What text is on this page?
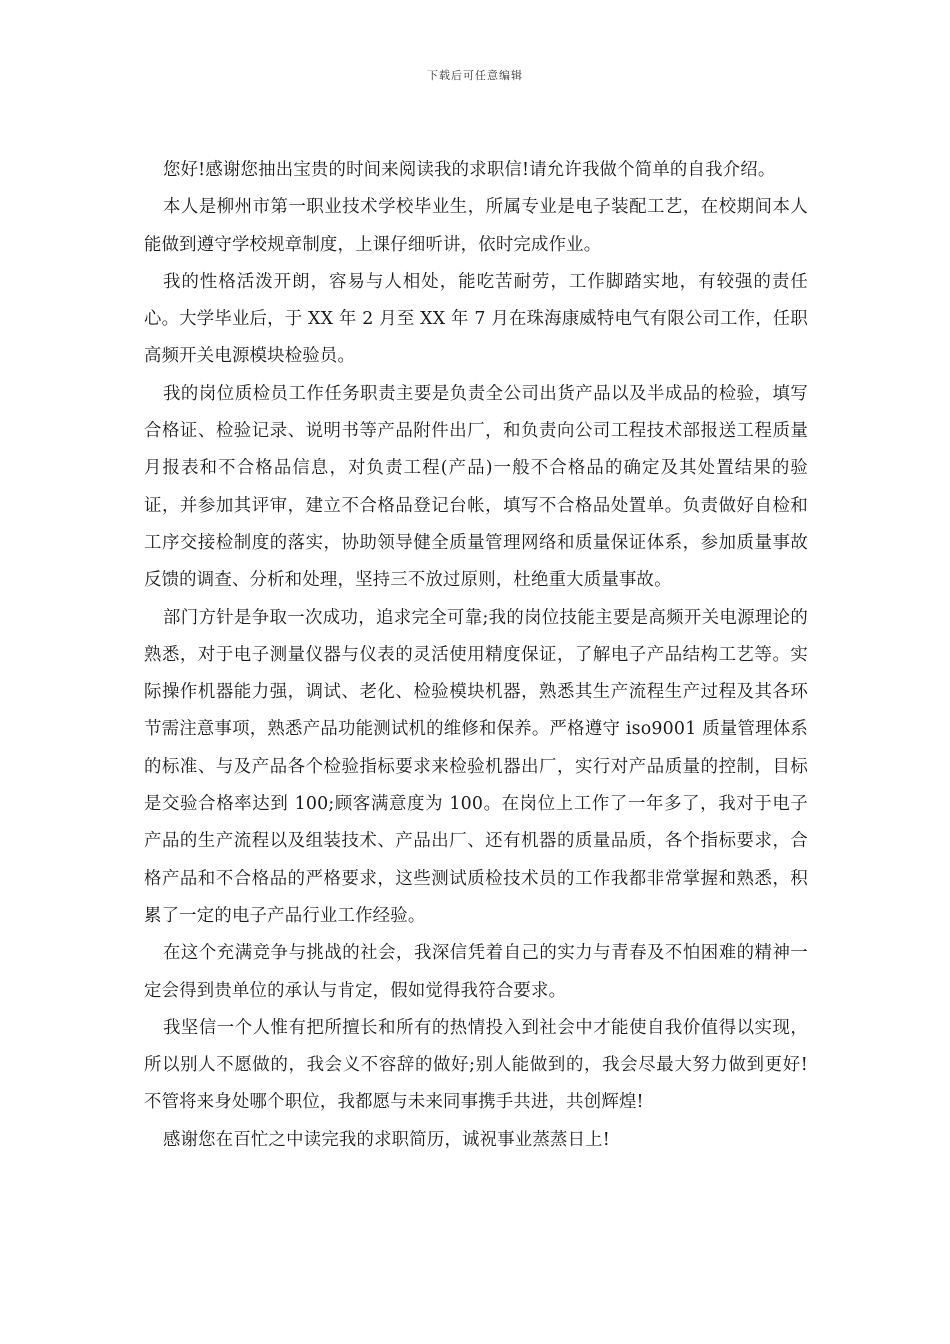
下载后可任意编辑

您好!感谢您抽出宝贵的时间来阅读我的求职信!请允许我做个简单的自我介绍。

本人是柳州市第一职业技术学校毕业生，所属专业是电子装配工艺，在校期间本人能做到遵守学校规章制度，上课仔细听讲，依时完成作业。

我的性格活泼开朗，容易与人相处，能吃苦耐劳，工作脚踏实地，有较强的责任心。大学毕业后，于 XX 年 2 月至 XX 年 7 月在珠海康威特电气有限公司工作，任职高频开关电源模块检验员。

我的岗位质检员工作任务职责主要是负责全公司出货产品以及半成品的检验，填写合格证、检验记录、说明书等产品附件出厂，和负责向公司工程技术部报送工程质量月报表和不合格品信息，对负责工程(产品)一般不合格品的确定及其处置结果的验证，并参加其评审，建立不合格品登记台帐，填写不合格品处置单。负责做好自检和工序交接检制度的落实，协助领导健全质量管理网络和质量保证体系，参加质量事故反馈的调查、分析和处理，坚持三不放过原则，杜绝重大质量事故。

部门方针是争取一次成功，追求完全可靠;我的岗位技能主要是高频开关电源理论的熟悉，对于电子测量仪器与仪表的灵活使用精度保证，了解电子产品结构工艺等。实际操作机器能力强，调试、老化、检验模块机器，熟悉其生产流程生产过程及其各环节需注意事项，熟悉产品功能测试机的维修和保养。严格遵守 iso9001 质量管理体系的标准、与及产品各个检验指标要求来检验机器出厂，实行对产品质量的控制，目标是交验合格率达到 100;顾客满意度为 100。在岗位上工作了一年多了，我对于电子产品的生产流程以及组装技术、产品出厂、还有机器的质量品质，各个指标要求，合格产品和不合格品的严格要求，这些测试质检技术员的工作我都非常掌握和熟悉，积累了一定的电子产品行业工作经验。

在这个充满竞争与挑战的社会，我深信凭着自己的实力与青春及不怕困难的精神一定会得到贵单位的承认与肯定，假如觉得我符合要求。

我坚信一个人惟有把所擅长和所有的热情投入到社会中才能使自我价值得以实现，所以别人不愿做的，我会义不容辞的做好;别人能做到的，我会尽最大努力做到更好!不管将来身处哪个职位，我都愿与未来同事携手共进，共创辉煌!

感谢您在百忙之中读完我的求职简历，诚祝事业蒸蒸日上!
